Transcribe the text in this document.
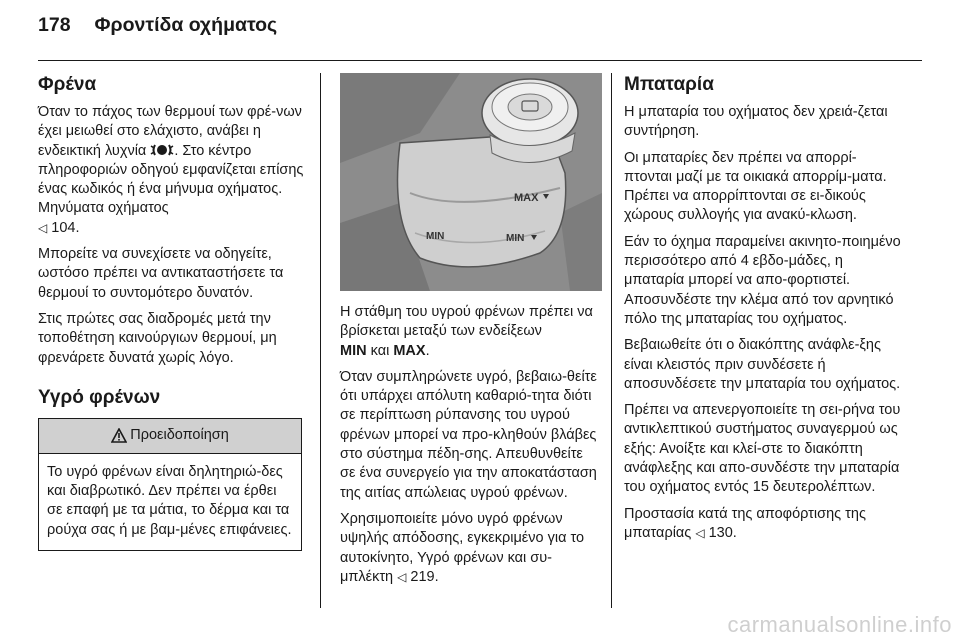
178 Φροντίδα οχήματος
Φρένα

Όταν το πάχος των θερμουί των φρέ-νων έχει μειωθεί στο ελάχιστο, ανάβει η ενδεικτική λυχνία . Στο κέντρο πληροφοριών οδηγού εμφανίζεται επίσης ένας κωδικός ή ένα μήνυμα οχήματος. Μηνύματα οχήματος
◁ 104.

Μπορείτε να συνεχίσετε να οδηγείτε, ωστόσο πρέπει να αντικαταστήσετε τα θερμουί το συντομότερο δυνατόν.

Στις πρώτες σας διαδρομές μετά την τοποθέτηση καινούργιων θερμουί, μη φρενάρετε δυνατά χωρίς λόγο.

Υγρό φρένων
Προειδοποίηση
Το υγρό φρένων είναι δηλητηριώ-δες και διαβρωτικό. Δεν πρέπει να έρθει σε επαφή με τα μάτια, το δέρμα και τα ρούχα σας ή με βαμ-μένες επιφάνειες.
MAX
MIN	MIN

Η στάθμη του υγρού φρένων πρέπει να βρίσκεται μεταξύ των ενδείξεων
MIN και MAX.

Όταν συμπληρώνετε υγρό, βεβαιω-θείτε ότι υπάρχει απόλυτη καθαριό-τητα διότι σε περίπτωση ρύπανσης του υγρού φρένων μπορεί να προ-κληθούν βλάβες στο σύστημα πέδη-σης. Απευθυνθείτε σε ένα συνεργείο για την αποκατάσταση της αιτίας απώλειας υγρού φρένων.

Χρησιμοποιείτε μόνο υγρό φρένων υψηλής απόδοσης, εγκεκριμένο για το αυτοκίνητο, Υγρό φρένων και συ-μπλέκτη ◁ 219.

Μπαταρία

Η μπαταρία του οχήματος δεν χρειά-ζεται συντήρηση.

Οι μπαταρίες δεν πρέπει να απορρί-πτονται μαζί με τα οικιακά απορρίμ-ματα. Πρέπει να απορρίπτονται σε ει-δικούς χώρους συλλογής για ανακύ-κλωση.

Εάν το όχημα παραμείνει ακινητο-ποιημένο περισσότερο από 4 εβδο-μάδες, η μπαταρία μπορεί να απο-φορτιστεί. Αποσυνδέστε την κλέμα από τον αρνητικό πόλο της μπαταρίας του οχήματος.

Βεβαιωθείτε ότι ο διακόπτης ανάφλε-ξης είναι κλειστός πριν συνδέσετε ή αποσυνδέσετε την μπαταρία του οχήματος.

Πρέπει να απενεργοποιείτε τη σει-ρήνα του αντικλεπτικού συστήματος συναγερμού ως εξής: Ανοίξτε και κλεί-στε το διακόπτη ανάφλεξης και απο-συνδέστε την μπαταρία του οχήματος εντός 15 δευτερολέπτων.

Προστασία κατά της αποφόρτισης της μπαταρίας ◁ 130.

carmanualsonline.info
